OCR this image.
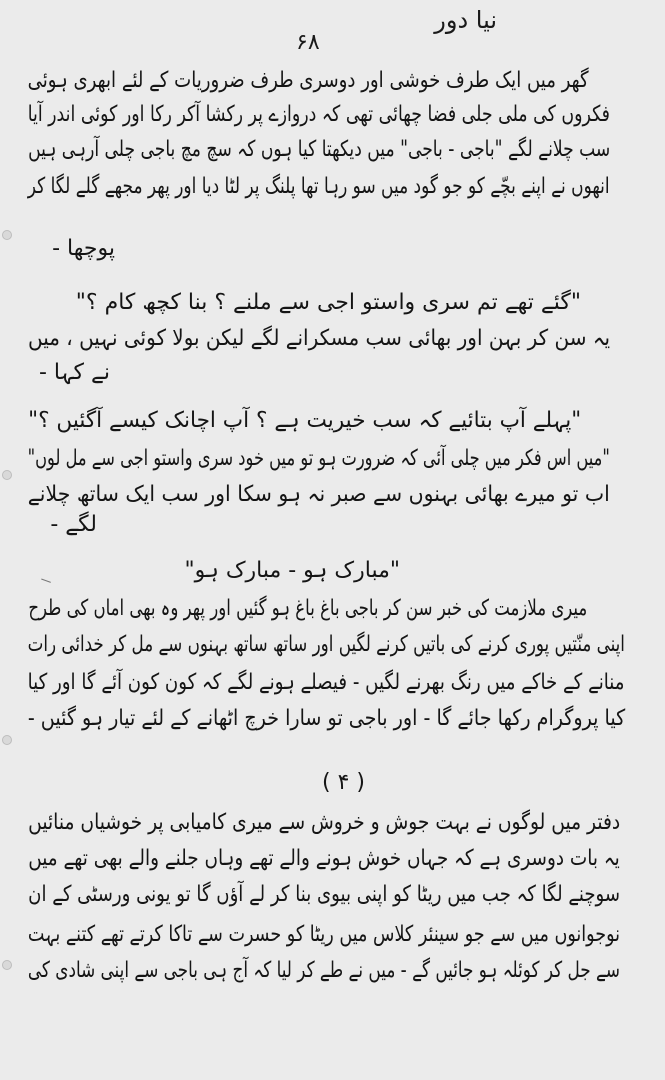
نیا دور
۶۸
گھر میں ایک طرف خوشی اور دوسری طرف ضروریات کے لئے ابھری ہوئی
فکروں کی ملی جلی فضا چھائی تھی کہ دروازے پر رکشا آکر رکا اور کوئی اندر آیا
سب چلانے لگے "باجی - باجی" میں دیکھتا کیا ہوں کہ سچ مچ باجی چلی آرہی ہیں
انھوں نے اپنے بچّے کو جو گود میں سو رہا تھا پلنگ پر لٹا دیا اور پھر مجھے گلے لگا کر
پوچھا -
"گئے تھے تم سری واستو اجی سے ملنے ؟ بنا کچھ کام ؟"
یہ سن کر بہن اور بھائی سب مسکرانے لگے لیکن بولا کوئی نہیں ، میں
نے کہا -
"پہلے آپ بتائیے کہ سب خیریت ہے ؟ آپ اچانک کیسے آگئیں ؟"
"میں اس فکر میں چلی آئی کہ ضرورت ہو تو میں خود سری واستو اجی سے مل لوں"
اب تو میرے بھائی بہنوں سے صبر نہ ہو سکا اور سب ایک ساتھ چلانے
لگے -
"مبارک ہو - مبارک ہو"
میری ملازمت کی خبر سن کر باجی باغ باغ ہو گئیں اور پھر وہ بھی اماں کی طرح
اپنی منّتیں پوری کرنے کی باتیں کرنے لگیں اور ساتھ ساتھ بہنوں سے مل کر خدائی رات
منانے کے خاکے میں رنگ بھرنے لگیں - فیصلے ہونے لگے کہ کون کون آئے گا اور کیا
کیا پروگرام رکھا جائے گا - اور باجی تو سارا خرچ اٹھانے کے لئے تیار ہو گئیں -
( ۴ )
دفتر میں لوگوں نے بہت جوش و خروش سے میری کامیابی پر خوشیاں منائیں
یہ بات دوسری ہے کہ جہاں خوش ہونے والے تھے وہاں جلنے والے بھی تھے میں
سوچنے لگا کہ جب میں ریٹا کو اپنی بیوی بنا کر لے آؤں گا تو یونی ورسٹی کے ان
نوجوانوں میں سے جو سینئر کلاس میں ریٹا کو حسرت سے تاکا کرتے تھے کتنے بہت
سے جل کر کوئلہ ہو جائیں گے - میں نے طے کر لیا کہ آج ہی باجی سے اپنی شادی کی
